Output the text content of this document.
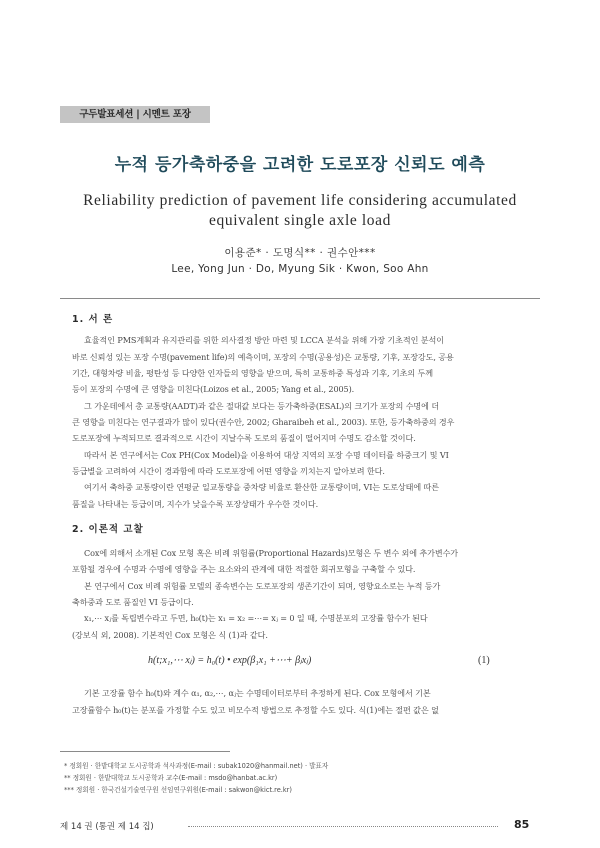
구두발표세션 | 시멘트 포장
누적 등가축하중을 고려한 도로포장 신뢰도 예측
Reliability prediction of pavement life considering accumulated
equivalent single axle load
이용준* · 도명식** · 권수안***
Lee, Yong Jun · Do, Myung Sik · Kwon, Soo Ahn
1. 서 론
효율적인 PMS계획과 유지관리를 위한 의사결정 방안 마련 및 LCCA 분석을 위해 가장 기초적인 분석이
바로 신뢰성 있는 포장 수명(pavement life)의 예측이며, 포장의 수명(공용성)은 교통량, 기후, 포장강도, 공용
기간, 대형차량 비율, 평탄성 등 다양한 인자들의 영향을 받으며, 특히 교통하중 특성과 기후, 기초의 두께
등이 포장의 수명에 큰 영향을 미친다(Loizos et al., 2005; Yang et al., 2005).
그 가운데에서 총 교통량(AADT)과 같은 절대값 보다는 등가축하중(ESAL)의 크기가 포장의 수명에 더
큰 영향을 미친다는 연구결과가 많이 있다(권수안, 2002; Gharaibeh et al., 2003). 또한, 등가축하중의 경우
도로포장에 누적되므로 결과적으로 시간이 지날수록 도로의 품질이 떨어지며 수명도 감소할 것이다.
따라서 본 연구에서는 Cox PH(Cox Model)을 이용하여 대상 지역의 포장 수명 데이터를 하중크기 및 VI
등급별을 고려하여 시간이 경과함에 따라 도로포장에 어떤 영향을 끼치는지 알아보려 한다.
여기서 축하중 교통량이란 연평균 일교통량을 중차량 비율로 환산한 교통량이며, VI는 도로상태에 따른
품질을 나타내는 등급이며, 지수가 낮을수록 포장상태가 우수한 것이다.
2. 이론적 고찰
Cox에 의해서 소개된 Cox 모형 혹은 비례 위험률(Proportional Hazards)모형은 두 변수 외에 추가변수가
포함될 경우에 수명과 수명에 영향을 주는 요소와의 관계에 대한 적절한 회귀모형을 구축할 수 있다.
본 연구에서 Cox 비례 위험률 모델의 종속변수는 도로포장의 생존기간이 되며, 영향요소로는 누적 등가
축하중과 도로 품질인 VI 등급이다.
x₁,⋯ xⱼ를 독립변수라고 두면, h₀(t)는 x₁ = x₂ =⋯= xⱼ = 0 일 때, 수명분포의 고장률 함수가 된다
(강보식 외, 2008). 기본적인 Cox 모형은 식 (1)과 같다.
h(t;x₁,⋯ xⱼ) = h₀(t) • exp(β₁x₁ +⋯+ βⱼxⱼ)	(1)
기본 고장률 함수 h₀(t)와 계수 α₁, α₂,⋯, αⱼ는 수명데이터로부터 추정하게 된다. Cox 모형에서 기본
고장률함수 h₀(t)는 분포를 가정할 수도 있고 비모수적 방법으로 추정할 수도 있다. 식(1)에는 절편 값은 없
* 정회원 · 한밭대학교 도시공학과 석사과정(E-mail : subak1020@hanmail.net) · 발표자
** 정회원 · 한밭대학교 도시공학과 교수(E-mail : msdo@hanbat.ac.kr)
*** 정회원 · 한국건설기술연구원 선임연구위원(E-mail : sakwon@kict.re.kr)
제 14 권 (통권 제 14 집)	85
